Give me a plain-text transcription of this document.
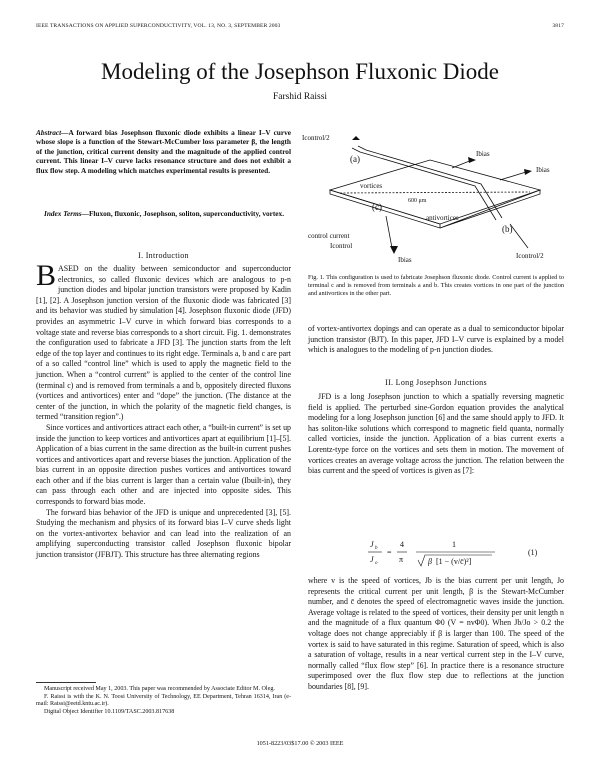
IEEE TRANSACTIONS ON APPLIED SUPERCONDUCTIVITY, VOL. 13, NO. 3, SEPTEMBER 2003	3817
Modeling of the Josephson Fluxonic Diode
Farshid Raissi
Abstract—A forward bias Josephson fluxonic diode exhibits a linear I–V curve whose slope is a function of the Stewart-McCumber loss parameter β, the length of the junction, critical current density and the magnitude of the applied control current. This linear I–V curve lacks resonance structure and does not exhibit a flux flow step. A modeling which matches experimental results is presented.
Index Terms—Fluxon, fluxonic, Josephson, soliton, superconductivity, vortex.
I. Introduction

BASED on the duality between semiconductor and superconductor electronics, so called fluxonic devices which are analogous to p-n junction diodes and bipolar junction transistors were proposed by Kadin [1], [2]. A Josephson junction version of the fluxonic diode was fabricated [3] and its behavior was studied by simulation [4]. Josephson fluxonic diode (JFD) provides an asymmetric I–V curve in which forward bias corresponds to a voltage state and reverse bias corresponds to a short circuit. Fig. 1. demonstrates the configuration used to fabricate a JFD [3]. The junction starts from the left edge of the top layer and continues to its right edge. Terminals a, b and c are part of a so called “control line” which is used to apply the magnetic field to the junction. When a “control current” is applied to the center of the control line (terminal c) and is removed from terminals a and b, oppositely directed fluxons (vortices and antivortices) enter and “dope” the junction. (The distance at the center of the junction, in which the polarity of the magnetic field changes, is termed “transition region”.)

Since vortices and antivortices attract each other, a “built-in current” is set up inside the junction to keep vortices and antivortices apart at equilibrium [1]–[5]. Application of a bias current in the same direction as the built-in current pushes vortices and antivortices apart and reverse biases the junction. Application of the bias current in an opposite direction pushes vortices and antivortices toward each other and if the bias current is larger than a certain value (Ibuilt-in), they can pass through each other and are injected into opposite sides. This corresponds to forward bias mode.

The forward bias behavior of the JFD is unique and unprecedented [3], [5]. Studying the mechanism and physics of its forward bias I–V curve sheds light on the vortex-antivortex behavior and can lead into the realization of an amplifying superconducting transistor called Josephson fluxonic bipolar junction transistor (JFBJT). This structure has three alternating regions

Manuscript received May 1, 2003. This paper was recommended by Associate Editor M. Oleg.

F. Raissi is with the K. N. Toosi University of Technology, EE Department, Tehran 16314, Iran (e-mail: Raissi@eetd.kntu.ac.ir).

Digital Object Identifier 10.1109/TASC.2003.817638

Icontrol/2
(a)	Ibias
Ibias
vortices
600 μm
(c)
antivortices
(b)
control current
Icontrol
Ibias	Icontrol/2
Fig. 1. This configuration is used to fabricate Josephson fluxonic diode. Control current is applied to terminal c and is removed from terminals a and b. This creates vortices in one part of the junction and antivortices in the other part.

of vortex-antivortex dopings and can operate as a dual to semiconductor bipolar junction transistor (BJT). In this paper, JFD I–V curve is explained by a model which is analogues to the modeling of p-n junction diodes.

II. Long Josephson Junctions

JFD is a long Josephson junction to which a spatially reversing magnetic field is applied. The perturbed sine-Gordon equation provides the analytical modeling for a long Josephson junction [6] and the same should apply to JFD. It has soliton-like solutions which correspond to magnetic field quanta, normally called vorticies, inside the junction. Application of a bias current exerts a Lorentz-type force on the vortices and sets them in motion. The movement of vortices creates an average voltage across the junction. The relation between the bias current and the speed of vortices is given as [7]:

J b
J o
=
4
π
1
β [1 − (v/c̄)²]
(1)

where v is the speed of vortices, Jb is the bias current per unit length, Jo represents the critical current per unit length, β is the Stewart-McCumber number, and c̄ denotes the speed of electromagnetic waves inside the junction. Average voltage is related to the speed of vortices, their density per unit length n and the magnitude of a flux quantum Φ0 (V = nvΦ0). When Jb/Jo > 0.2 the voltage does not change appreciably if β is larger than 100. The speed of the vortex is said to have saturated in this regime. Saturation of speed, which is also a saturation of voltage, results in a near vertical current step in the I–V curve, normally called “flux flow step” [6]. In practice there is a resonance structure superimposed over the flux flow step due to reflections at the junction boundaries [8], [9].

1051-8223/03$17.00 © 2003 IEEE
